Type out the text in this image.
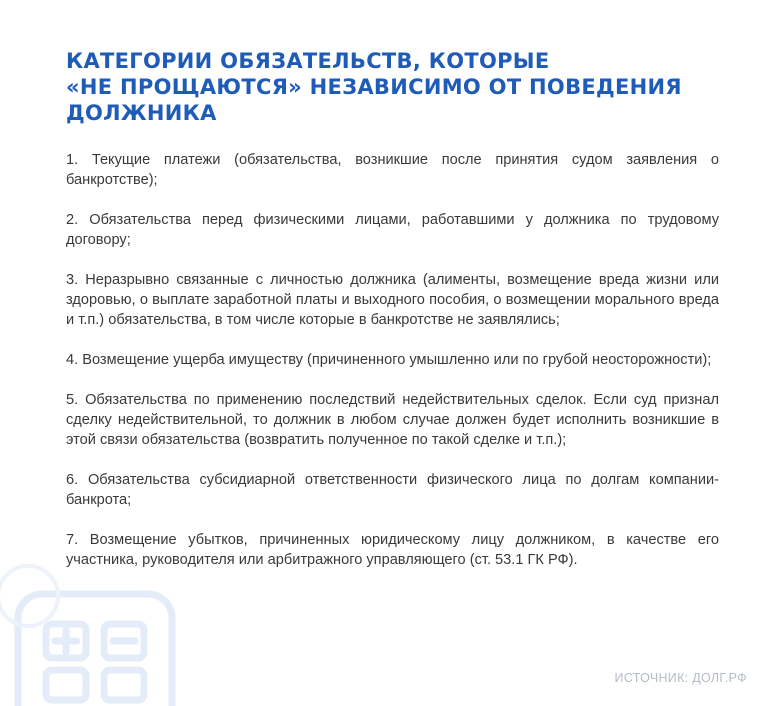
КАТЕГОРИИ ОБЯЗАТЕЛЬСТВ, КОТОРЫЕ
«НЕ ПРОЩАЮТСЯ» НЕЗАВИСИМО ОТ ПОВЕДЕНИЯ
ДОЛЖНИКА
1. Текущие платежи (обязательства, возникшие после принятия судом заявления о банкротстве);
2. Обязательства перед физическими лицами, работавшими у должника по трудовому договору;
3. Неразрывно связанные с личностью должника (алименты, возмещение вреда жизни или здоровью, о выплате заработной платы и выходного пособия, о возмещении морального вреда и т.п.) обязательства, в том числе которые в банкротстве не заявлялись;
4. Возмещение ущерба имуществу (причиненного умышленно или по грубой неосторожности);
5. Обязательства по применению последствий недействительных сделок. Если суд признал сделку недействительной, то должник в любом случае должен будет исполнить возникшие в этой связи обязательства (возвратить полученное по такой сделке и т.п.);
6. Обязательства субсидиарной ответственности физического лица по долгам компании-банкрота;
7. Возмещение убытков, причиненных юридическому лицу должником, в качестве его участника, руководителя или арбитражного управляющего (ст. 53.1 ГК РФ).
ИСТОЧНИК: ДОЛГ.РФ
